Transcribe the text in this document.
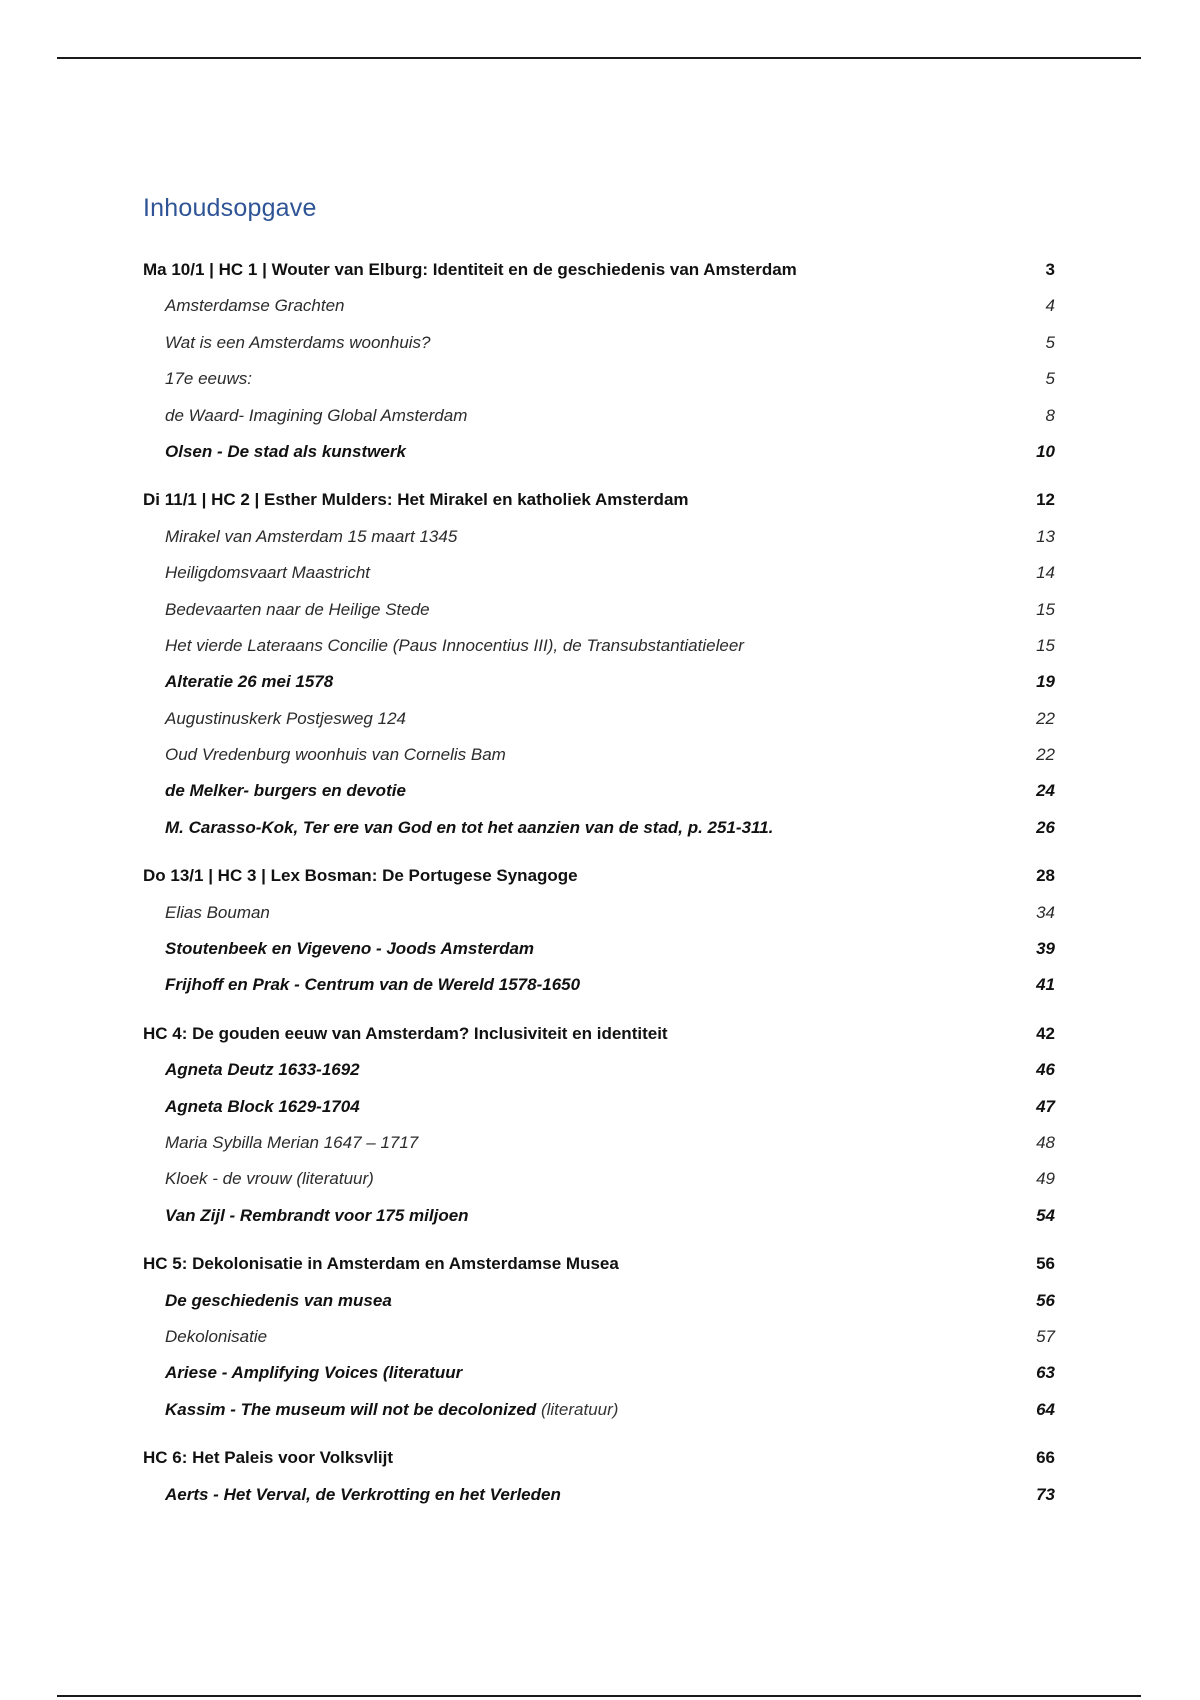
Inhoudsopgave
Ma 10/1 | HC 1 | Wouter van Elburg: Identiteit en de geschiedenis van Amsterdam	3
Amsterdamse Grachten	4
Wat is een Amsterdams woonhuis?	5
17e eeuws:	5
de Waard- Imagining Global Amsterdam	8
Olsen - De stad als kunstwerk	10
Di 11/1 | HC 2 | Esther Mulders: Het Mirakel en katholiek Amsterdam	12
Mirakel van Amsterdam 15 maart 1345	13
Heiligdomsvaart Maastricht	14
Bedevaarten naar de Heilige Stede	15
Het vierde Lateraans Concilie (Paus Innocentius III), de Transubstantiatieleer	15
Alteratie 26 mei 1578	19
Augustinuskerk Postjesweg 124	22
Oud Vredenburg woonhuis van Cornelis Bam	22
de Melker- burgers en devotie	24
M. Carasso-Kok, Ter ere van God en tot het aanzien van de stad, p. 251-311.	26
Do 13/1 | HC 3 | Lex Bosman: De Portugese Synagoge	28
Elias Bouman	34
Stoutenbeek en Vigeveno - Joods Amsterdam	39
Frijhoff en Prak - Centrum van de Wereld 1578-1650	41
HC 4: De gouden eeuw van Amsterdam? Inclusiviteit en identiteit	42
Agneta Deutz 1633-1692	46
Agneta Block 1629-1704	47
Maria Sybilla Merian 1647 – 1717	48
Kloek - de vrouw (literatuur)	49
Van Zijl - Rembrandt voor 175 miljoen	54
HC 5: Dekolonisatie in Amsterdam en Amsterdamse Musea	56
De geschiedenis van musea	56
Dekolonisatie	57
Ariese - Amplifying Voices (literatuur	63
Kassim - The museum will not be decolonized (literatuur)	64
HC 6: Het Paleis voor Volksvlijt	66
Aerts - Het Verval, de Verkrotting en het Verleden	73
